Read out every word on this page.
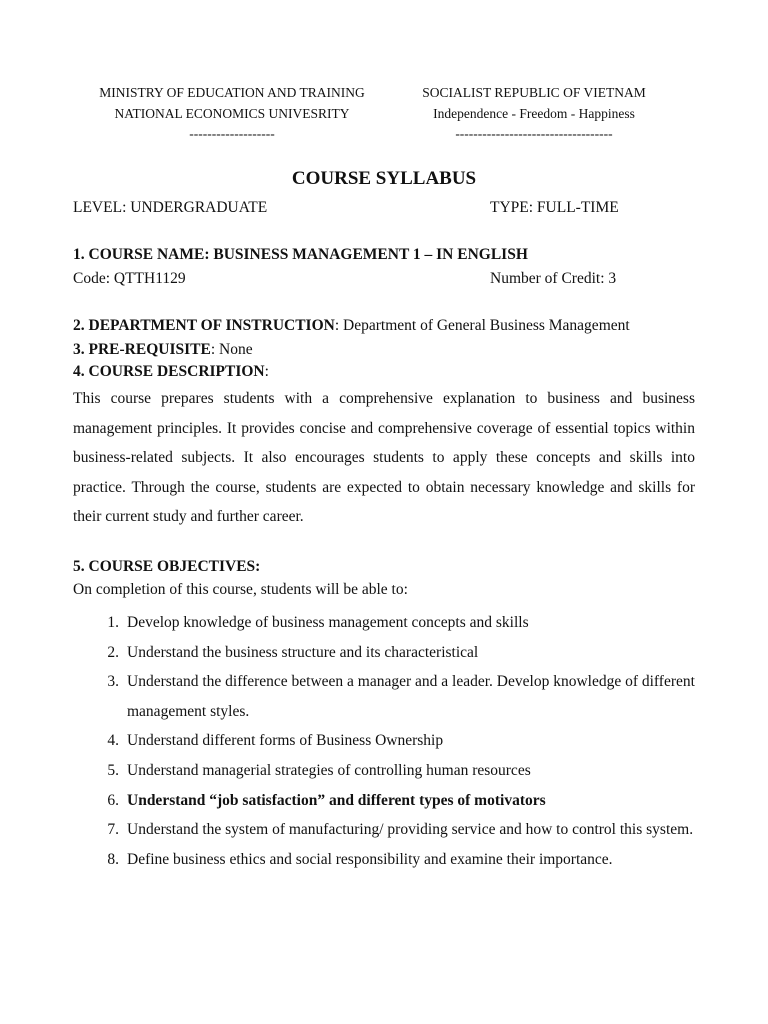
MINISTRY OF EDUCATION AND TRAINING
NATIONAL ECONOMICS UNIVESRITY
-------------------
SOCIALIST REPUBLIC OF VIETNAM
Independence - Freedom - Happiness
-----------------------------------
COURSE SYLLABUS
LEVEL: UNDERGRADUATE	TYPE: FULL-TIME
1. COURSE NAME: BUSINESS MANAGEMENT 1 – IN ENGLISH
Code: QTTH1129	Number of Credit: 3
2. DEPARTMENT OF INSTRUCTION: Department of General Business Management
3. PRE-REQUISITE: None
4. COURSE DESCRIPTION:
This course prepares students with a comprehensive explanation to business and business management principles. It provides concise and comprehensive coverage of essential topics within business-related subjects. It also encourages students to apply these concepts and skills into practice. Through the course, students are expected to obtain necessary knowledge and skills for their current study and further career.
5. COURSE OBJECTIVES:
On completion of this course, students will be able to:
1. Develop knowledge of business management concepts and skills
2. Understand the business structure and its characteristical
3. Understand the difference between a manager and a leader. Develop knowledge of different management styles.
4. Understand different forms of Business Ownership
5. Understand managerial strategies of controlling human resources
6. Understand “job satisfaction” and different types of motivators
7. Understand the system of manufacturing/ providing service and how to control this system.
8. Define business ethics and social responsibility and examine their importance.
